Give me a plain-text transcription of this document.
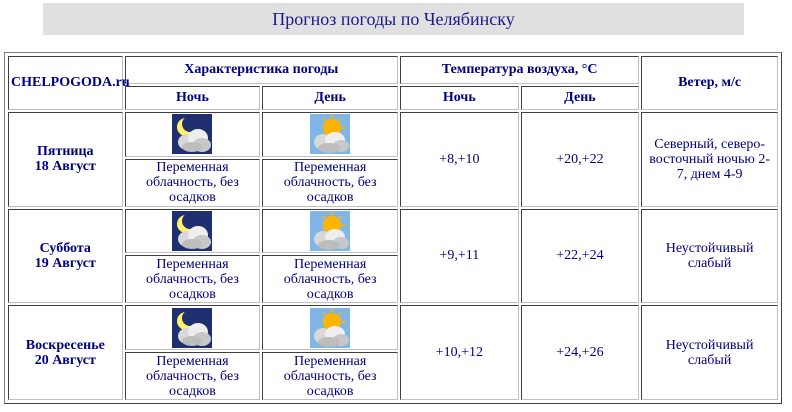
Прогноз погоды по Челябинску
CHELPOGODA.ru	Характеристика погоды		Температура воздуха, °С		Ветер, м/с
	Ночь	День	Ночь	День	
Пятница
18 Август			+8,+10	+20,+22	Северный, северо-восточный ночью 2-7, днем 4-9
	Переменная облачность, без осадков	Переменная облачность, без осадков			
Суббота
19 Август			+9,+11	+22,+24	Неустойчивый слабый
	Переменная облачность, без осадков	Переменная облачность, без осадков			
Воскресенье
20 Август			+10,+12	+24,+26	Неустойчивый слабый
	Переменная облачность, без осадков	Переменная облачность, без осадков			
